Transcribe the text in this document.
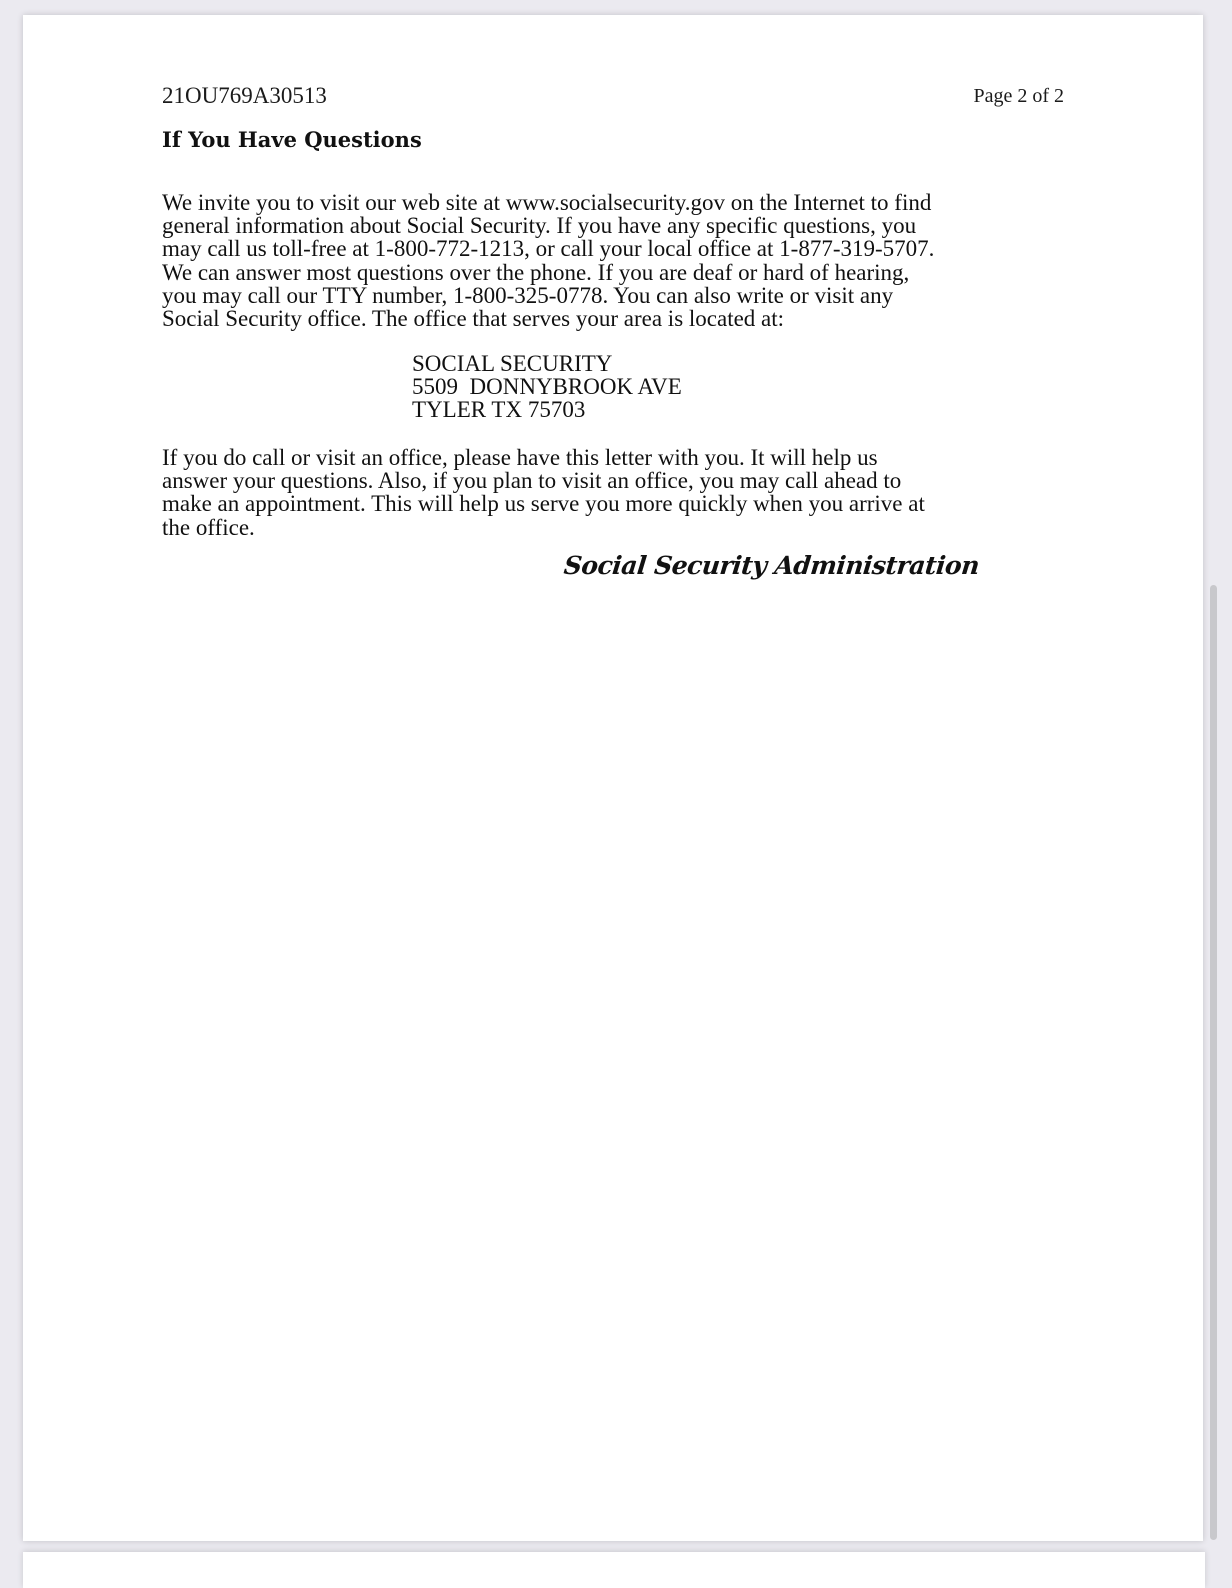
21OU769A30513	Page 2 of 2
If You Have Questions

We invite you to visit our web site at www.socialsecurity.gov on the Internet to find
general information about Social Security. If you have any specific questions, you
may call us toll-free at 1-800-772-1213, or call your local office at 1-877-319-5707.
We can answer most questions over the phone. If you are deaf or hard of hearing,
you may call our TTY number, 1-800-325-0778. You can also write or visit any
Social Security office. The office that serves your area is located at:

SOCIAL SECURITY
5509  DONNYBROOK AVE
TYLER TX 75703

If you do call or visit an office, please have this letter with you. It will help us
answer your questions. Also, if you plan to visit an office, you may call ahead to
make an appointment. This will help us serve you more quickly when you arrive at
the office.

Social Security Administration
